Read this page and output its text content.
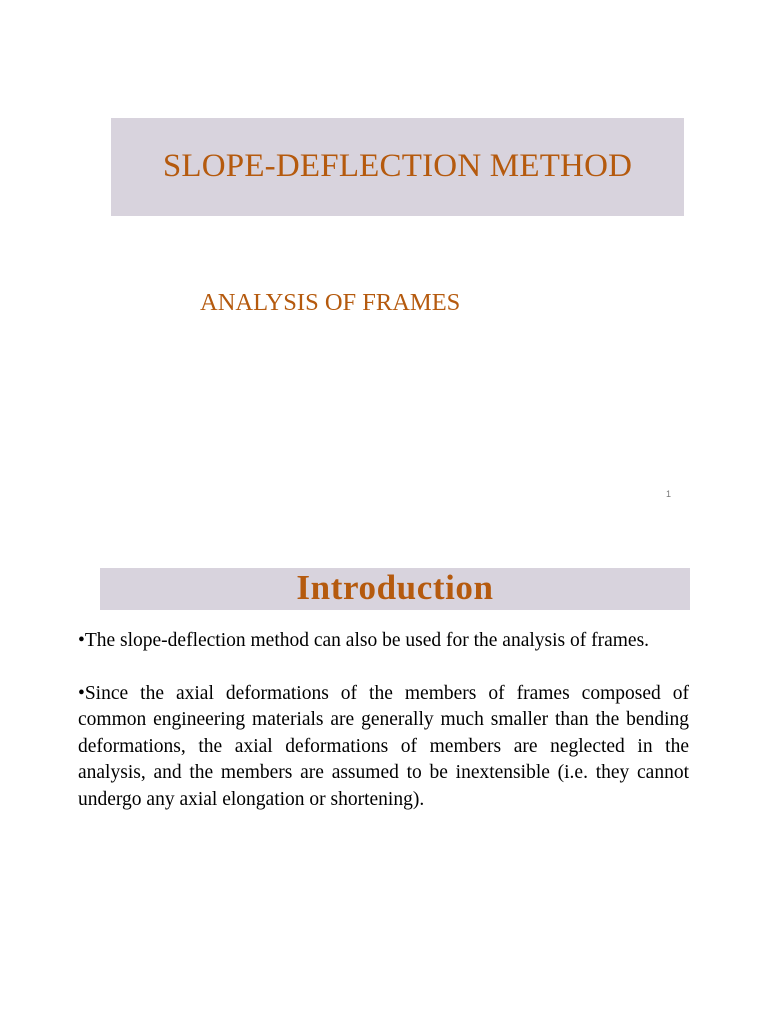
SLOPE-DEFLECTION METHOD
ANALYSIS OF FRAMES
1
Introduction

•The slope-deflection method can also be used for the analysis of frames.

•Since the axial deformations of the members of frames composed of common engineering materials are generally much smaller than the bending deformations, the axial deformations of members are neglected in the analysis, and the members are assumed to be inextensible (i.e. they cannot undergo any axial elongation or shortening).
